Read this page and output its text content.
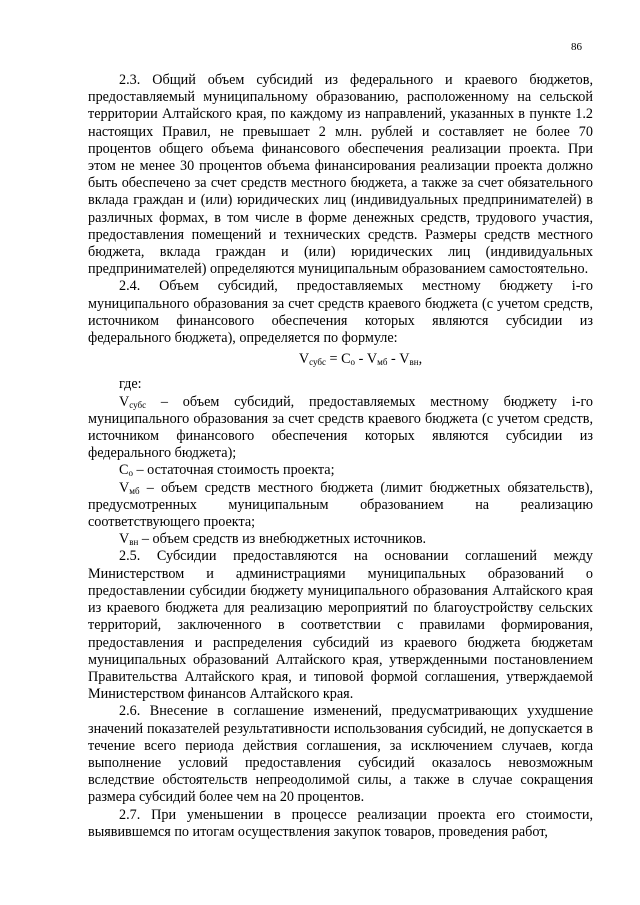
86

2.3. Общий объем субсидий из федерального и краевого бюджетов, предоставляемый муниципальному образованию, расположенному на сельской территории Алтайского края, по каждому из направлений, указанных в пункте 1.2 настоящих Правил, не превышает 2 млн. рублей и составляет не более 70 процентов общего объема финансового обеспечения реализации проекта. При этом не менее 30 процентов объема финансирования реализации проекта должно быть обеспечено за счет средств местного бюджета, а также за счет обязательного вклада граждан и (или) юридических лиц (индивидуальных предпринимателей) в различных формах, в том числе в форме денежных средств, трудового участия, предоставления помещений и технических средств. Размеры средств местного бюджета, вклада граждан и (или) юридических лиц (индивидуальных предпринимателей) определяются муниципальным образованием самостоятельно.

2.4. Объем субсидий, предоставляемых местному бюджету i-го муниципального образования за счет средств краевого бюджета (с учетом средств, источником финансового обеспечения которых являются субсидии из федерального бюджета), определяется по формуле:

$V_{субс} = C_о - V_{мб} - V_{вн}$,

где:

$V_{субс}$ – объем субсидий, предоставляемых местному бюджету i-го муниципального образования за счет средств краевого бюджета (с учетом средств, источником финансового обеспечения которых являются субсидии из федерального бюджета);

$C_о$ – остаточная стоимость проекта;

$V_{мб}$ – объем средств местного бюджета (лимит бюджетных обязательств), предусмотренных муниципальным образованием на реализацию соответствующего проекта;

$V_{вн}$ – объем средств из внебюджетных источников.

2.5. Субсидии предоставляются на основании соглашений между Министерством и администрациями муниципальных образований о предоставлении субсидии бюджету муниципального образования Алтайского края из краевого бюджета для реализацию мероприятий по благоустройству сельских территорий, заключенного в соответствии с правилами формирования, предоставления и распределения субсидий из краевого бюджета бюджетам муниципальных образований Алтайского края, утвержденными постановлением Правительства Алтайского края, и типовой формой соглашения, утверждаемой Министерством финансов Алтайского края.

2.6. Внесение в соглашение изменений, предусматривающих ухудшение значений показателей результативности использования субсидий, не допускается в течение всего периода действия соглашения, за исключением случаев, когда выполнение условий предоставления субсидий оказалось невозможным вследствие обстоятельств непреодолимой силы, а также в случае сокращения размера субсидий более чем на 20 процентов.

2.7. При уменьшении в процессе реализации проекта его стоимости, выявившемся по итогам осуществления закупок товаров, проведения работ,
